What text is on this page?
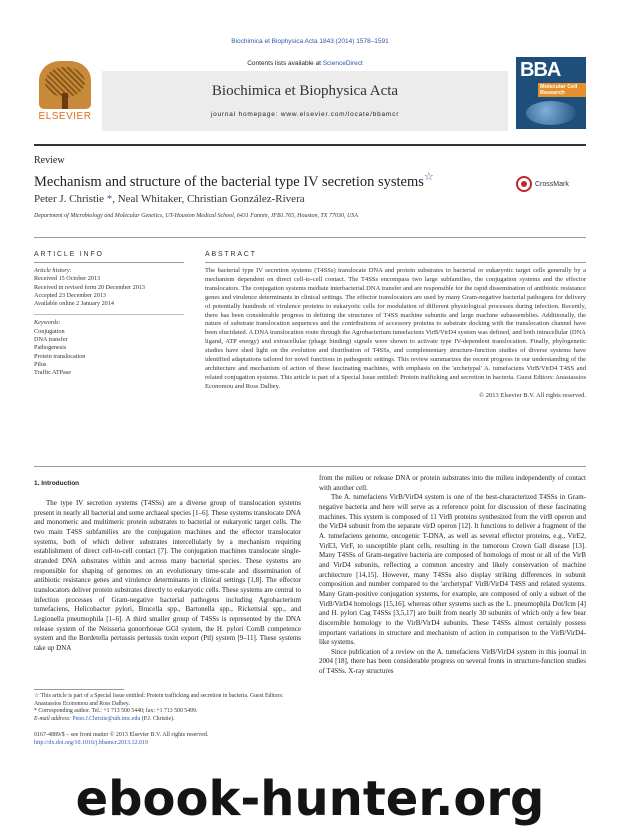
Biochimica et Biophysica Acta 1843 (2014) 1578–1591
ELSEVIER
Contents lists available at ScienceDirect
Biochimica et Biophysica Acta
journal homepage: www.elsevier.com/locate/bbamcr
BBA
Molecular Cell Research
Review
Mechanism and structure of the bacterial type IV secretion systems☆
CrossMark
Peter J. Christie *, Neal Whitaker, Christian González-Rivera
Department of Microbiology and Molecular Genetics, UT-Houston Medical School, 6431 Fannin, JFB1.765, Houston, TX 77030, USA
ARTICLE INFO	ABSTRACT
Article history:
Received 15 October 2013
Received in revised form 20 December 2013
Accepted 23 December 2013
Available online 2 January 2014
Keywords:
Conjugation
DNA transfer
Pathogenesis
Protein translocation
Pilus
Traffic ATPase
The bacterial type IV secretion systems (T4SSs) translocate DNA and protein substrates to bacterial or eukaryotic target cells generally by a mechanism dependent on direct cell-to-cell contact. The T4SSs encompass two large subfamilies, the conjugation systems and the effector translocators. The conjugation systems mediate interbacterial DNA transfer and are responsible for the rapid dissemination of antibiotic resistance genes and virulence determinants in clinical settings. The effector translocators are used by many Gram-negative bacterial pathogens for delivery of potentially hundreds of virulence proteins to eukaryotic cells for modulation of different physiological processes during infection. Recently, there has been considerable progress in defining the structures of T4SS machine subunits and large machine subassemblies. Additionally, the nature of substrate translocation sequences and the contributions of accessory proteins to substrate docking with the translocation channel have been elucidated. A DNA translocation route through the Agrobacterium tumefaciens VirB/VirD4 system was defined, and both intracellular (DNA ligand, ATP energy) and extracellular (phage binding) signals were shown to activate type IV-dependent translocation. Finally, phylogenetic studies have shed light on the evolution and distribution of T4SSs, and complementary structure-function studies of diverse systems have identified adaptations tailored for novel functions in pathogenic settings. This review summarizes the recent progress in our understanding of the architecture and mechanism of action of these fascinating machines, with emphasis on the 'archetypal' A. tumefaciens VirB/VirD4 T4SS and related conjugation systems. This article is part of a Special Issue entitled: Protein trafficking and secretion in bacteria. Guest Editors: Anastassios Economou and Ross Dalbey.
© 2013 Elsevier B.V. All rights reserved.
1. Introduction

The type IV secretion systems (T4SSs) are a diverse group of translocation systems present in nearly all bacterial and some archaeal species [1–6]. These systems translocate DNA and monomeric and multimeric protein substrates to bacterial or eukaryotic target cells. The two main T4SS subfamilies are the conjugation machines and the effector translocator systems, both of which deliver substrates intercellularly by a mechanism requiring establishment of direct cell-to-cell contact [7]. The conjugation machines translocate single-stranded DNA substrates within and across many bacterial species. These systems are responsible for shaping of genomes on an evolutionary time-scale and dissemination of antibiotic resistance genes and virulence determinants in clinical settings [1,8]. The effector translocators deliver protein substrates directly to eukaryotic cells. These systems are central to infection processes of Gram-negative bacterial pathogens including Agrobacterium tumefaciens, Helicobacter pylori, Brucella spp., Bartonella spp., Rickettsial spp., and Legionella pneumophila [1–6]. A third smaller group of T4SSs is represented by the DNA release system of the Neisseria gonorrhoeae GGI system, the H. pylori ComB competence system and the Bordetella pertussis pertussis toxin export (Ptl) system [9–11]. These systems take up DNA

from the milieu or release DNA or protein substrates into the milieu independently of contact with another cell.

The A. tumefaciens VirB/VirD4 system is one of the best-characterized T4SSs in Gram-negative bacteria and here will serve as a reference point for discussion of these fascinating machines. This system is composed of 11 VirB proteins synthesized from the virB operon and the VirD4 subunit from the separate virD operon [12]. It functions to deliver a fragment of the A. tumefaciens genome, oncogenic T-DNA, as well as several effector proteins, e.g., VirE2, VirE3, VirF, to susceptible plant cells, resulting in the tumorous Crown Gall disease [13]. Many T4SSs of Gram-negative bacteria are composed of homologs of most or all of the VirB and VirD4 subunits, reflecting a common ancestry and likely conservation of machine architecture [14,15]. However, many T4SSs also display striking differences in subunit composition and number compared to the 'archetypal' VirB/VirD4 T4SS and related systems. Many Gram-positive conjugation systems, for example, are composed of only a subset of the VirB/VirD4 homologs [15,16], whereas other systems such as the L. pneumophila Dot/Icm [4] and H. pylori Cag T4SSs [3,5,17] are built from nearly 30 subunits of which only a few bear discernible homology to the VirB/VirD4 subunits. These T4SSs almost certainly possess important variations in structure and mechanism of action in comparison to the VirB/VirD4-like systems.

Since publication of a review on the A. tumefaciens VirB/VirD4 system in this journal in 2004 [18], there has been considerable progress on several fronts in structure-function studies of T4SSs. X-ray structures

☆ This article is part of a Special Issue entitled: Protein trafficking and secretion in bacteria. Guest Editors: Anastassios Economou and Ross Dalbey.
* Corresponding author. Tel.: +1 713 500 5440; fax: +1 713 500 5499.
E-mail address: Peter.J.Christie@uth.tmc.edu (P.J. Christie).
0167-4889/$ – see front matter © 2013 Elsevier B.V. All rights reserved.
http://dx.doi.org/10.1016/j.bbamcr.2013.12.019
ebook-hunter.org
